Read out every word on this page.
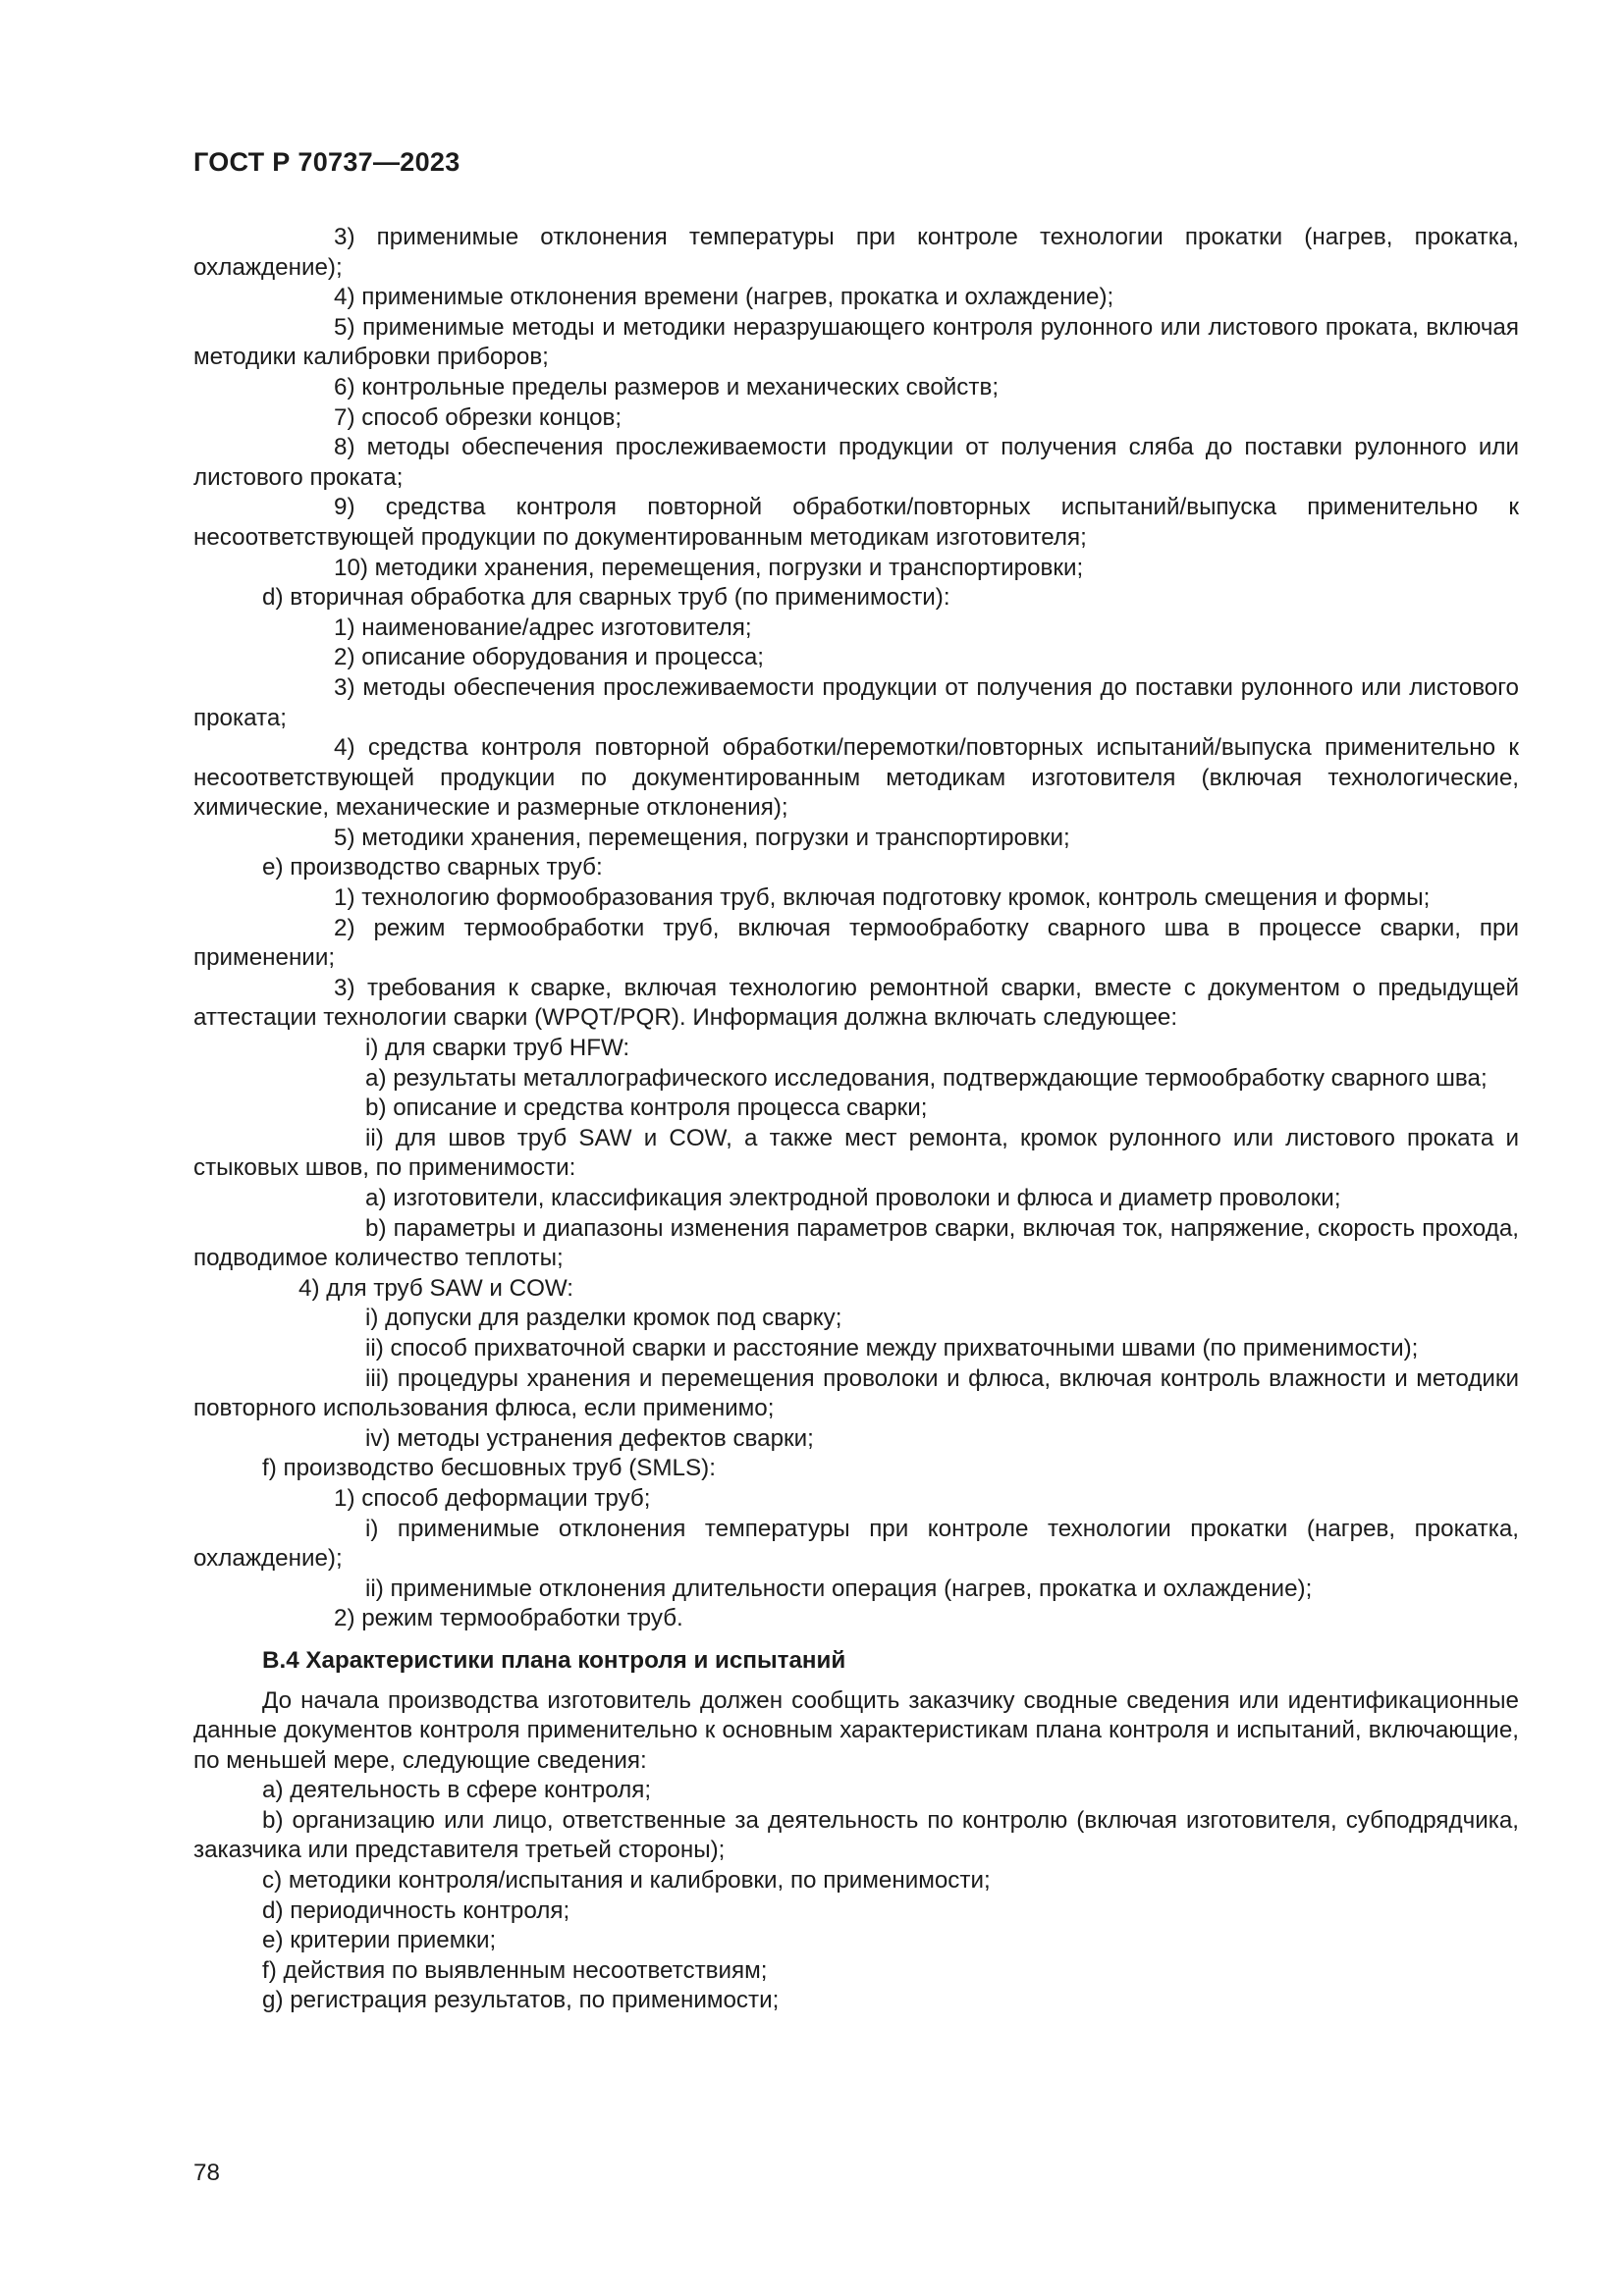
ГОСТ Р 70737—2023

3) применимые отклонения температуры при контроле технологии прокатки (нагрев, прокатка, охлаждение);

4) применимые отклонения времени (нагрев, прокатка и охлаждение);

5) применимые методы и методики неразрушающего контроля рулонного или листового проката, включая методики калибровки приборов;

6) контрольные пределы размеров и механических свойств;

7) способ обрезки концов;

8) методы обеспечения прослеживаемости продукции от получения сляба до поставки рулонного или листового проката;

9) средства контроля повторной обработки/повторных испытаний/выпуска применительно к несоответствующей продукции по документированным методикам изготовителя;

10) методики хранения, перемещения, погрузки и транспортировки;

d) вторичная обработка для сварных труб (по применимости):

1) наименование/адрес изготовителя;

2) описание оборудования и процесса;

3) методы обеспечения прослеживаемости продукции от получения до поставки рулонного или листового проката;

4) средства контроля повторной обработки/перемотки/повторных испытаний/выпуска применительно к несоответствующей продукции по документированным методикам изготовителя (включая технологические, химические, механические и размерные отклонения);

5) методики хранения, перемещения, погрузки и транспортировки;

e) производство сварных труб:

1) технологию формообразования труб, включая подготовку кромок, контроль смещения и формы;

2) режим термообработки труб, включая термообработку сварного шва в процессе сварки, при применении;

3) требования к сварке, включая технологию ремонтной сварки, вместе с документом о предыдущей аттестации технологии сварки (WPQT/PQR). Информация должна включать следующее:

i) для сварки труб HFW:

a) результаты металлографического исследования, подтверждающие термообработку сварного шва;

b) описание и средства контроля процесса сварки;

ii) для швов труб SAW и COW, а также мест ремонта, кромок рулонного или листового проката и стыковых швов, по применимости:

a) изготовители, классификация электродной проволоки и флюса и диаметр проволоки;

b) параметры и диапазоны изменения параметров сварки, включая ток, напряжение, скорость прохода, подводимое количество теплоты;

4) для труб SAW и COW:

i) допуски для разделки кромок под сварку;

ii) способ прихваточной сварки и расстояние между прихваточными швами (по применимости);

iii) процедуры хранения и перемещения проволоки и флюса, включая контроль влажности и методики повторного использования флюса, если применимо;

iv) методы устранения дефектов сварки;

f) производство бесшовных труб (SMLS):

1) способ деформации труб;

i) применимые отклонения температуры при контроле технологии прокатки (нагрев, прокатка, охлаждение);

ii) применимые отклонения длительности операция (нагрев, прокатка и охлаждение);

2) режим термообработки труб.

В.4 Характеристики плана контроля и испытаний

До начала производства изготовитель должен сообщить заказчику сводные сведения или идентификационные данные документов контроля применительно к основным характеристикам плана контроля и испытаний, включающие, по меньшей мере, следующие сведения:

a) деятельность в сфере контроля;

b) организацию или лицо, ответственные за деятельность по контролю (включая изготовителя, субподрядчика, заказчика или представителя третьей стороны);

c) методики контроля/испытания и калибровки, по применимости;

d) периодичность контроля;

e) критерии приемки;

f) действия по выявленным несоответствиям;

g) регистрация результатов, по применимости;

78
